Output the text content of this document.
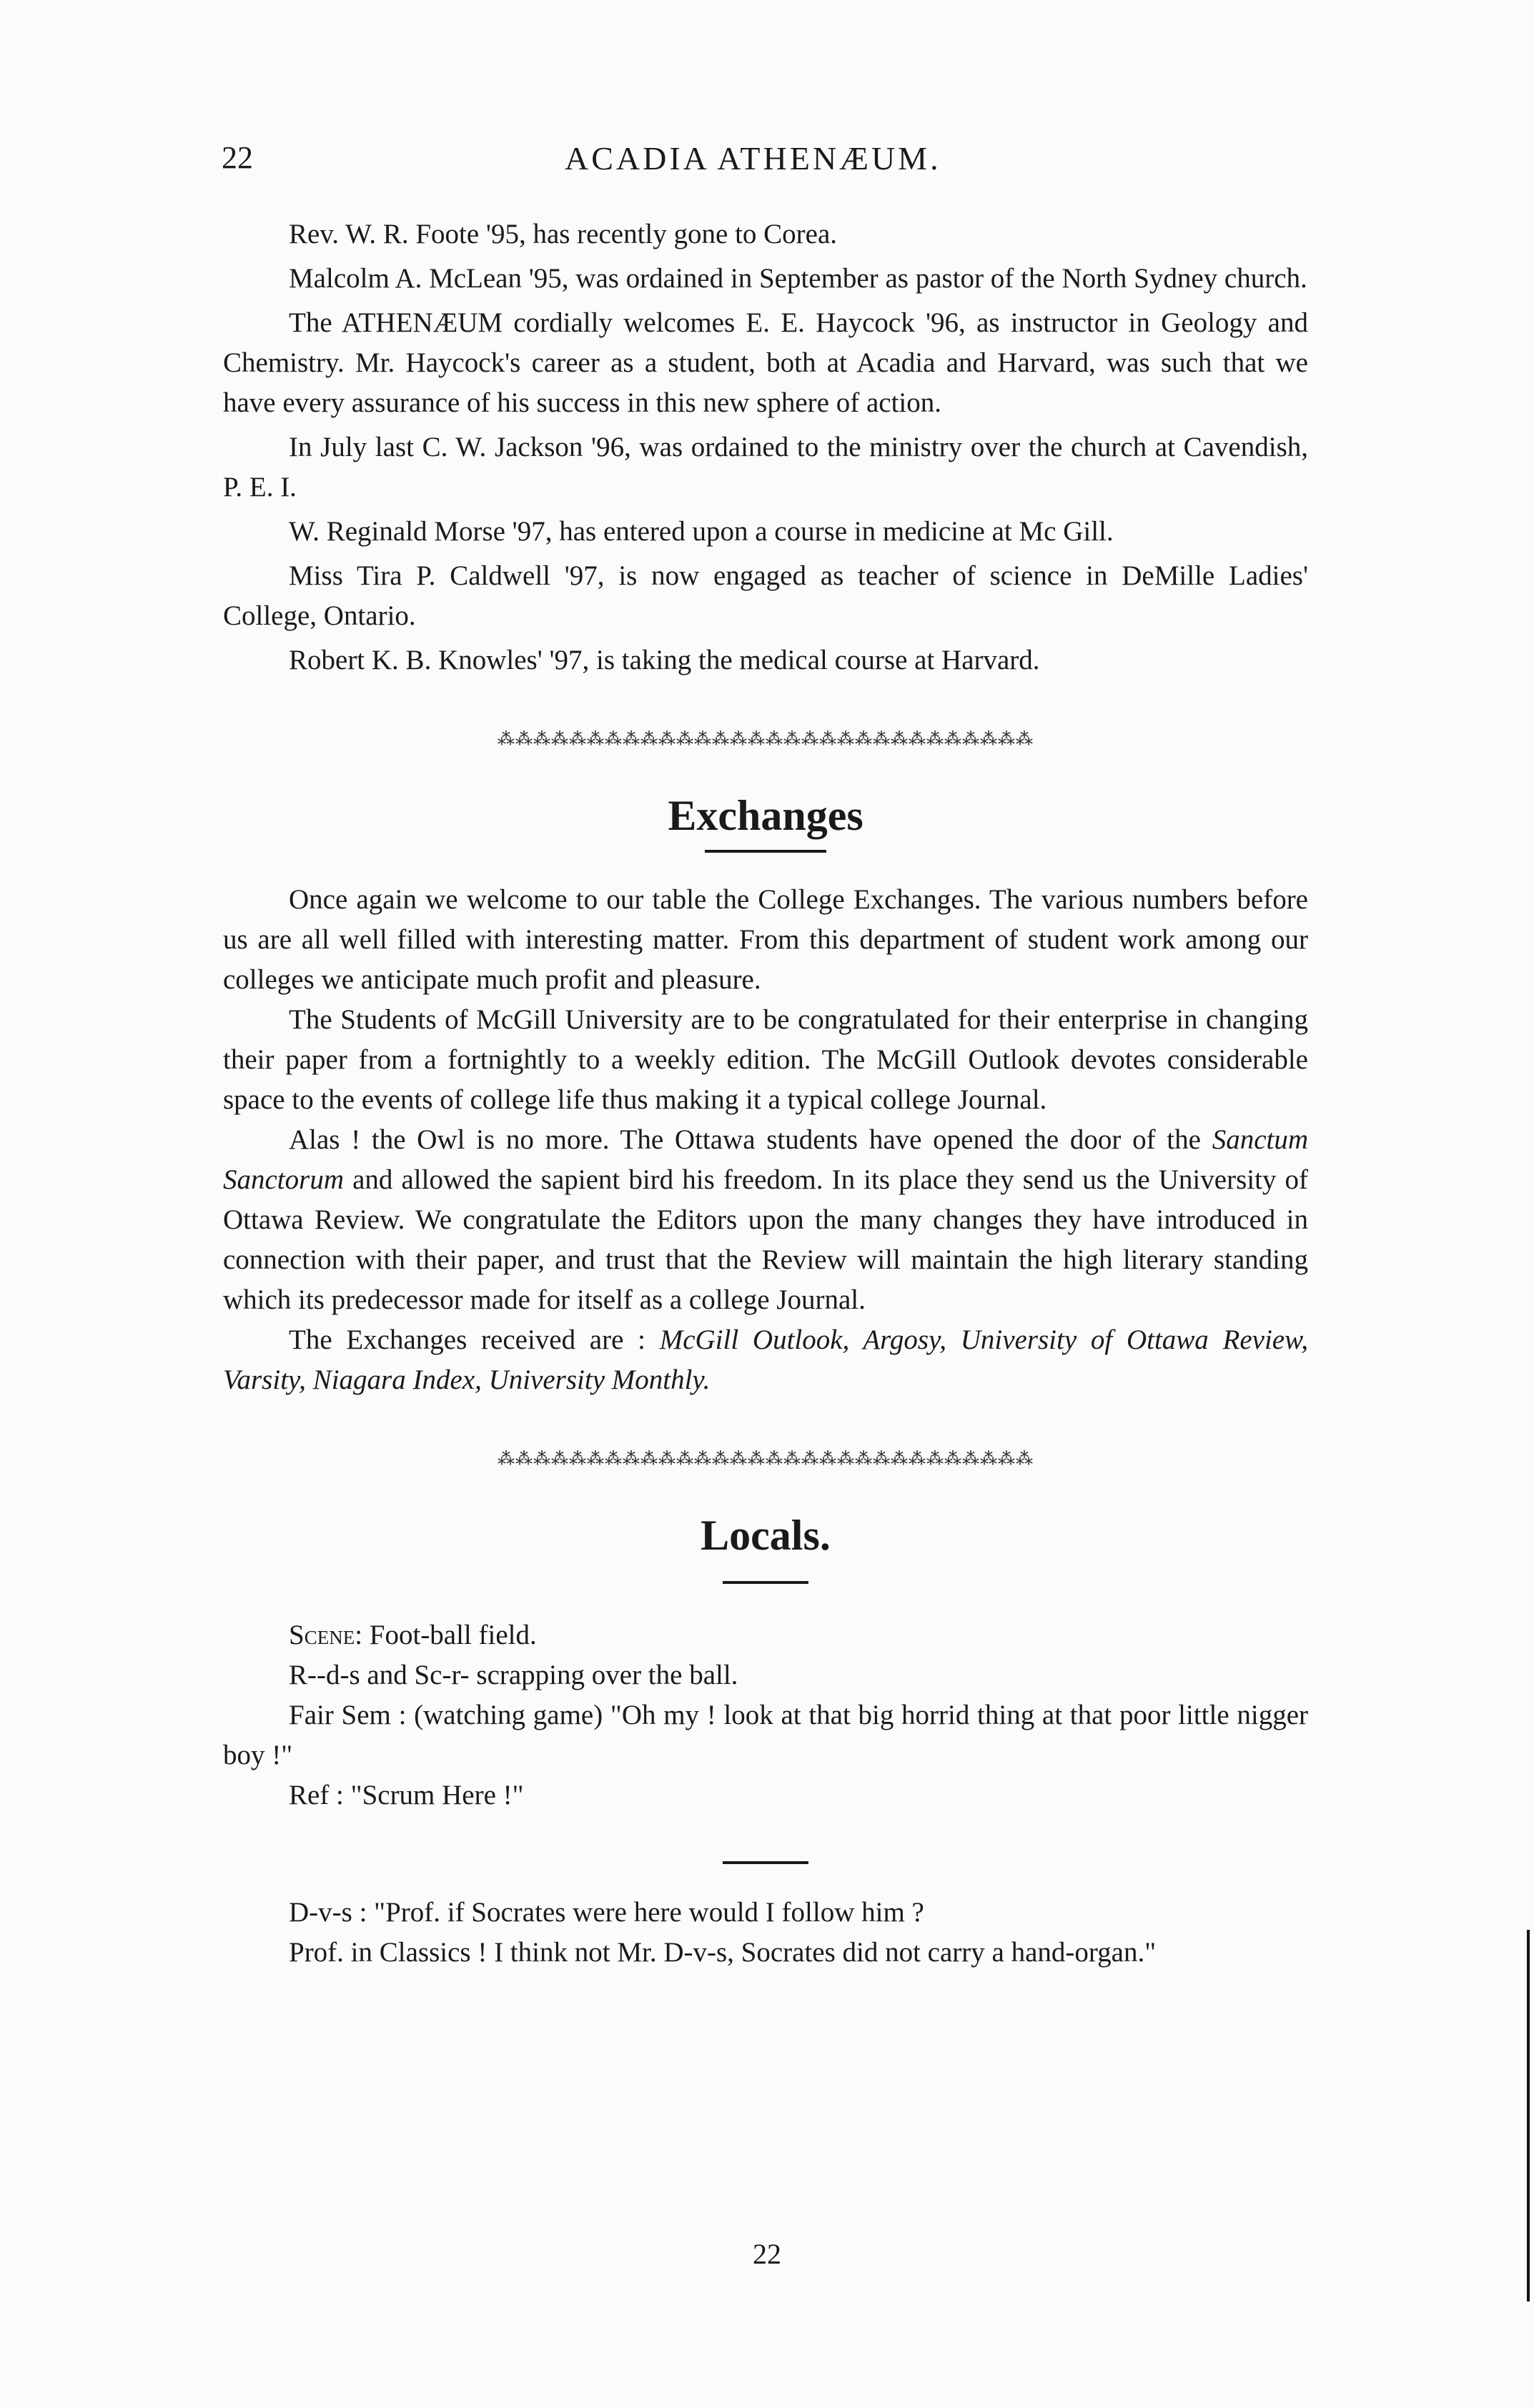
22	ACADIA ATHENÆUM.

Rev. W. R. Foote '95, has recently gone to Corea.

Malcolm A. McLean '95, was ordained in September as pastor of the North Sydney church.

The ATHENÆUM cordially welcomes E. E. Haycock '96, as instructor in Geology and Chemistry. Mr. Haycock's career as a student, both at Acadia and Harvard, was such that we have every assurance of his success in this new sphere of action.

In July last C. W. Jackson '96, was ordained to the ministry over the church at Cavendish, P. E. I.

W. Reginald Morse '97, has entered upon a course in medicine at Mc Gill.

Miss Tira P. Caldwell '97, is now engaged as teacher of science in DeMille Ladies' College, Ontario.

Robert K. B. Knowles' '97, is taking the medical course at Harvard.

⁂⁂⁂⁂⁂⁂⁂⁂⁂⁂⁂⁂⁂⁂⁂⁂⁂⁂⁂⁂⁂⁂⁂⁂⁂⁂⁂⁂⁂⁂
Exchanges

Once again we welcome to our table the College Exchanges. The various numbers before us are all well filled with interesting matter. From this department of student work among our colleges we anticipate much profit and pleasure.

The Students of McGill University are to be congratulated for their enterprise in changing their paper from a fortnightly to a weekly edition. The McGill Outlook devotes considerable space to the events of college life thus making it a typical college Journal.

Alas ! the Owl is no more. The Ottawa students have opened the door of the Sanctum Sanctorum and allowed the sapient bird his freedom. In its place they send us the University of Ottawa Review. We congratulate the Editors upon the many changes they have introduced in connection with their paper, and trust that the Review will maintain the high literary standing which its predecessor made for itself as a college Journal.

The Exchanges received are : McGill Outlook, Argosy, University of Ottawa Review, Varsity, Niagara Index, University Monthly.

⁂⁂⁂⁂⁂⁂⁂⁂⁂⁂⁂⁂⁂⁂⁂⁂⁂⁂⁂⁂⁂⁂⁂⁂⁂⁂⁂⁂⁂⁂
Locals.

Scene: Foot-ball field.

R--d-s and Sc-r- scrapping over the ball.

Fair Sem : (watching game) "Oh my ! look at that big horrid thing at that poor little nigger boy !"

Ref : "Scrum Here !"

D-v-s : "Prof. if Socrates were here would I follow him ?

Prof. in Classics ! I think not Mr. D-v-s, Socrates did not carry a hand-organ."

22
